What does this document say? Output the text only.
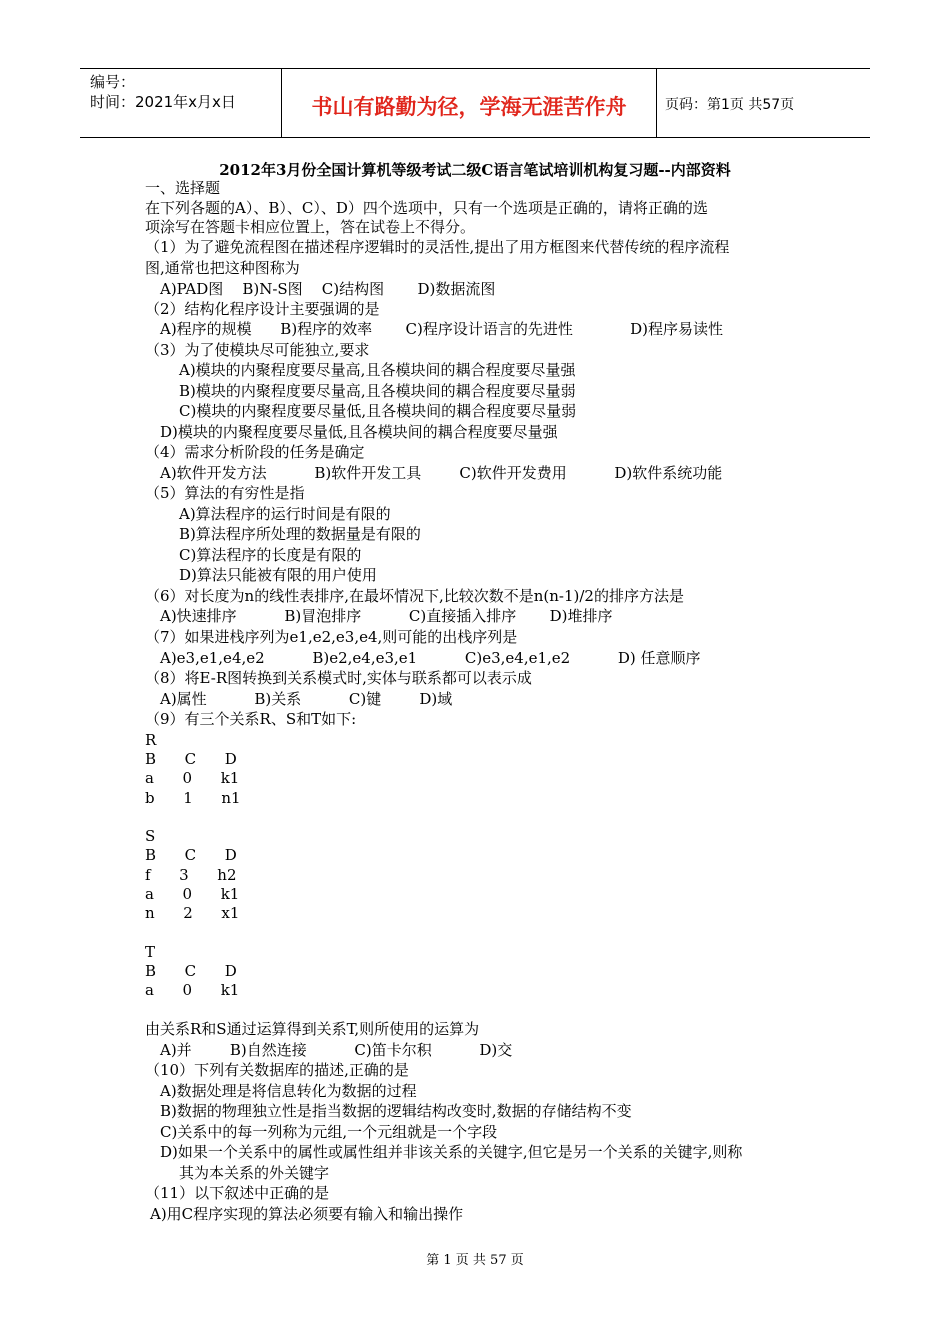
编号：
时间：2021年x月x日	书山有路勤为径，学海无涯苦作舟	页码：第1页 共57页
2012年3月份全国计算机等级考试二级C语言笔试培训机构复习题--内部资料
一、选择题
在下列各题的A）、B）、C）、D）四个选项中，只有一个选项是正确的，请将正确的选
项涂写在答题卡相应位置上，答在试卷上不得分。
（1）为了避免流程图在描述程序逻辑时的灵活性,提出了用方框图来代替传统的程序流程
图,通常也把这种图称为
A)PAD图    B)N-S图    C)结构图       D)数据流图
（2）结构化程序设计主要强调的是
A)程序的规模      B)程序的效率       C)程序设计语言的先进性            D)程序易读性
（3）为了使模块尽可能独立,要求
A)模块的内聚程度要尽量高,且各模块间的耦合程度要尽量强
B)模块的内聚程度要尽量高,且各模块间的耦合程度要尽量弱
C)模块的内聚程度要尽量低,且各模块间的耦合程度要尽量弱
D)模块的内聚程度要尽量低,且各模块间的耦合程度要尽量强
（4）需求分析阶段的任务是确定
A)软件开发方法          B)软件开发工具        C)软件开发费用          D)软件系统功能
（5）算法的有穷性是指
A)算法程序的运行时间是有限的
B)算法程序所处理的数据量是有限的
C)算法程序的长度是有限的
D)算法只能被有限的用户使用
（6）对长度为n的线性表排序,在最坏情况下,比较次数不是n(n-1)/2的排序方法是
A)快速排序          B)冒泡排序          C)直接插入排序       D)堆排序
（7）如果进栈序列为e1,e2,e3,e4,则可能的出栈序列是
A)e3,e1,e4,e2          B)e2,e4,e3,e1          C)e3,e4,e1,e2          D) 任意顺序
（8）将E-R图转换到关系模式时,实体与联系都可以表示成
A)属性          B)关系          C)键        D)域
（9）有三个关系R、S和T如下:
R
B      C      D
a      0      k1
b      1      n1
S
B      C      D
f      3      h2
a      0      k1
n      2      x1
T
B      C      D
a      0      k1
由关系R和S通过运算得到关系T,则所使用的运算为
A)并        B)自然连接          C)笛卡尔积          D)交
（10）下列有关数据库的描述,正确的是
A)数据处理是将信息转化为数据的过程
B)数据的物理独立性是指当数据的逻辑结构改变时,数据的存储结构不变
C)关系中的每一列称为元组,一个元组就是一个字段
D)如果一个关系中的属性或属性组并非该关系的关键字,但它是另一个关系的关键字,则称
其为本关系的外关键字
（11）以下叙述中正确的是
A)用C程序实现的算法必须要有输入和输出操作
第 1 页 共 57 页
